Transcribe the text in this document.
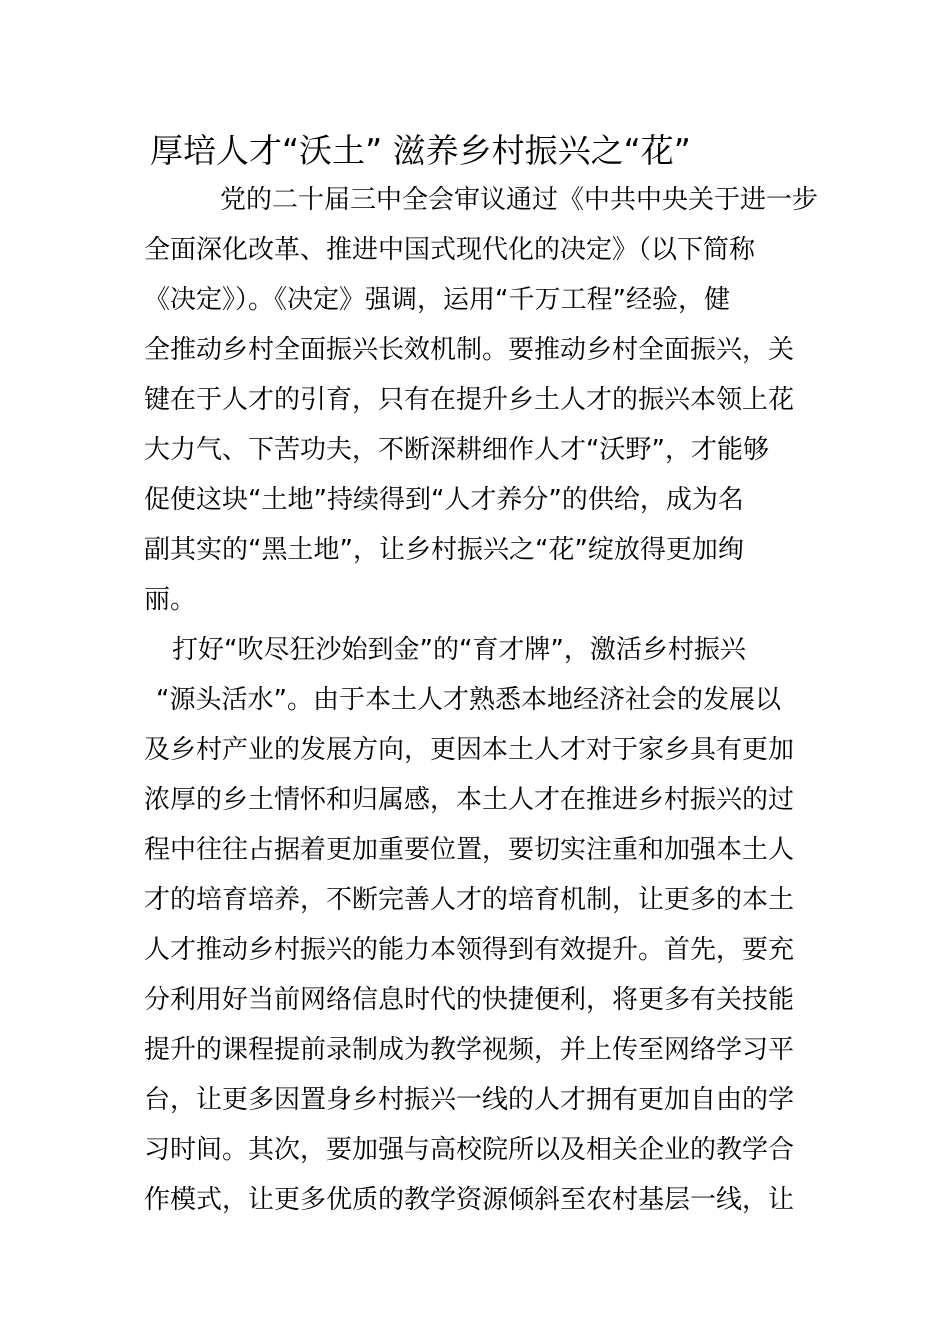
厚培人才“沃土” 滋养乡村振兴之“花”
党的二十届三中全会审议通过《中共中央关于进一步
全面深化改革、推进中国式现代化的决定》（以下简称
《决定》）。《决定》强调，运用“千万工程”经验，健
全推动乡村全面振兴长效机制。要推动乡村全面振兴，关
键在于人才的引育，只有在提升乡土人才的振兴本领上花
大力气、下苦功夫，不断深耕细作人才“沃野”，才能够
促使这块“土地”持续得到“人才养分”的供给，成为名
副其实的“黑土地”，让乡村振兴之“花”绽放得更加绚
丽。
打好“吹尽狂沙始到金”的“育才牌”，激活乡村振兴
“源头活水”。由于本土人才熟悉本地经济社会的发展以
及乡村产业的发展方向，更因本土人才对于家乡具有更加
浓厚的乡土情怀和归属感，本土人才在推进乡村振兴的过
程中往往占据着更加重要位置，要切实注重和加强本土人
才的培育培养，不断完善人才的培育机制，让更多的本土
人才推动乡村振兴的能力本领得到有效提升。首先，要充
分利用好当前网络信息时代的快捷便利，将更多有关技能
提升的课程提前录制成为教学视频，并上传至网络学习平
台，让更多因置身乡村振兴一线的人才拥有更加自由的学
习时间。其次，要加强与高校院所以及相关企业的教学合
作模式，让更多优质的教学资源倾斜至农村基层一线，让
